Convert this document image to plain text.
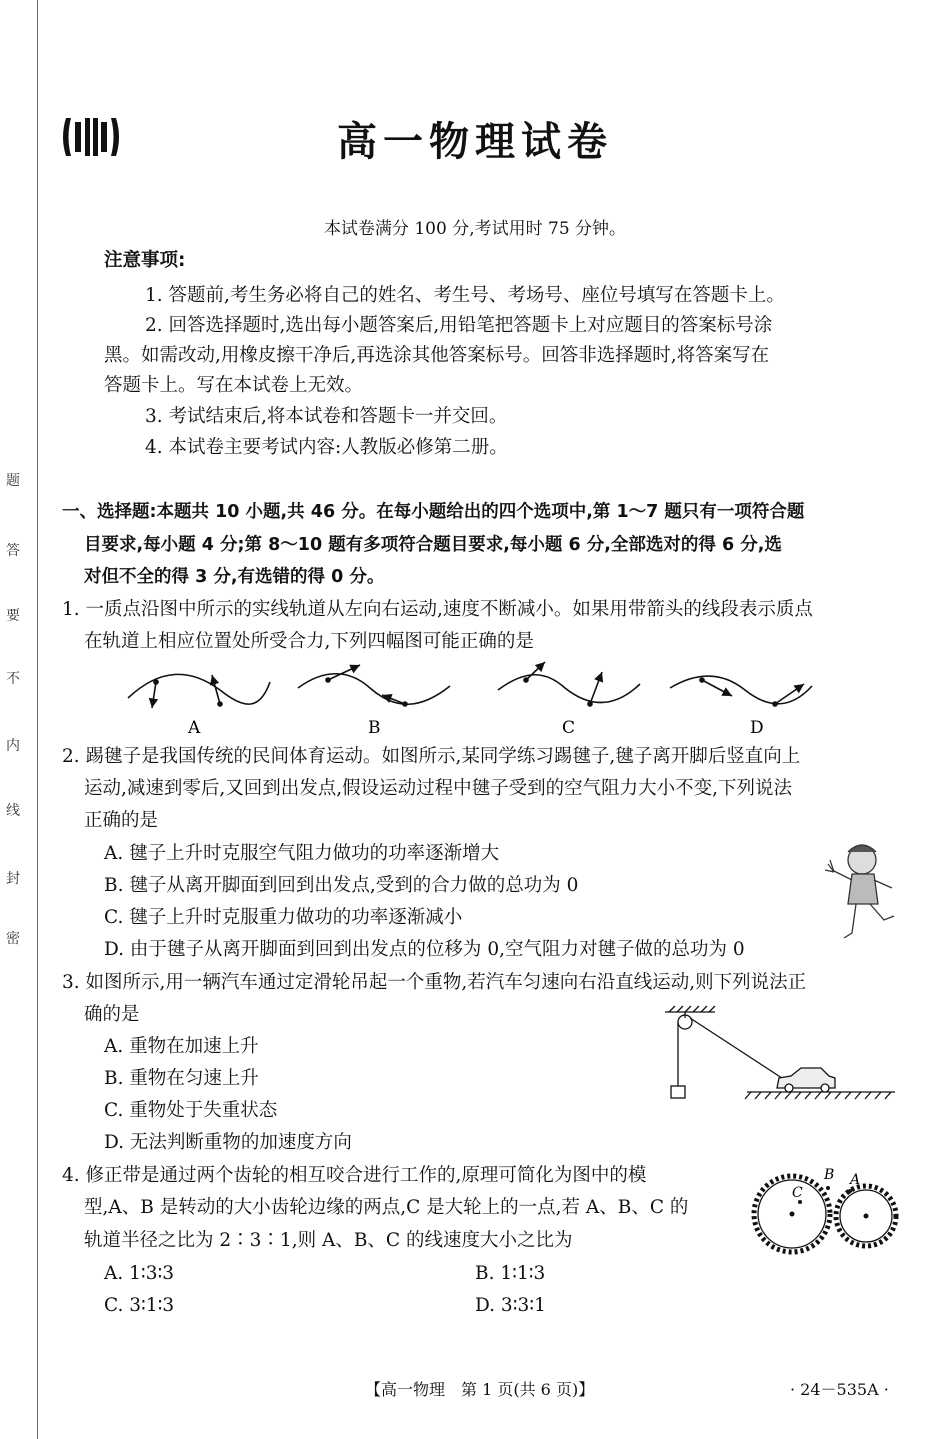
题
答
要
不
内
线
封
密
高一物理试卷
本试卷满分 100 分,考试用时 75 分钟。
注意事项:
1. 答题前,考生务必将自己的姓名、考生号、考场号、座位号填写在答题卡上。
2. 回答选择题时,选出每小题答案后,用铅笔把答题卡上对应题目的答案标号涂
黑。如需改动,用橡皮擦干净后,再选涂其他答案标号。回答非选择题时,将答案写在
答题卡上。写在本试卷上无效。
3. 考试结束后,将本试卷和答题卡一并交回。
4. 本试卷主要考试内容:人教版必修第二册。
一、选择题:本题共 10 小题,共 46 分。在每小题给出的四个选项中,第 1～7 题只有一项符合题
目要求,每小题 4 分;第 8～10 题有多项符合题目要求,每小题 6 分,全部选对的得 6 分,选
对但不全的得 3 分,有选错的得 0 分。
1. 一质点沿图中所示的实线轨道从左向右运动,速度不断减小。如果用带箭头的线段表示质点
在轨道上相应位置处所受合力,下列四幅图可能正确的是
A	B	C	D
2. 踢毽子是我国传统的民间体育运动。如图所示,某同学练习踢毽子,毽子离开脚后竖直向上
运动,减速到零后,又回到出发点,假设运动过程中毽子受到的空气阻力大小不变,下列说法
正确的是
A. 毽子上升时克服空气阻力做功的功率逐渐增大
B. 毽子从离开脚面到回到出发点,受到的合力做的总功为 0
C. 毽子上升时克服重力做功的功率逐渐减小
D. 由于毽子从离开脚面到回到出发点的位移为 0,空气阻力对毽子做的总功为 0
3. 如图所示,用一辆汽车通过定滑轮吊起一个重物,若汽车匀速向右沿直线运动,则下列说法正
确的是
A. 重物在加速上升
B. 重物在匀速上升
C. 重物处于失重状态
D. 无法判断重物的加速度方向
4. 修正带是通过两个齿轮的相互咬合进行工作的,原理可简化为图中的模
型,A、B 是转动的大小齿轮边缘的两点,C 是大轮上的一点,若 A、B、C 的
轨道半径之比为 2∶3∶1,则 A、B、C 的线速度大小之比为
A. 1∶3∶3	B. 1∶1∶3
C. 3∶1∶3	D. 3∶3∶1
B A
C
【高一物理　第 1 页(共 6 页)】	· 24－535A ·
